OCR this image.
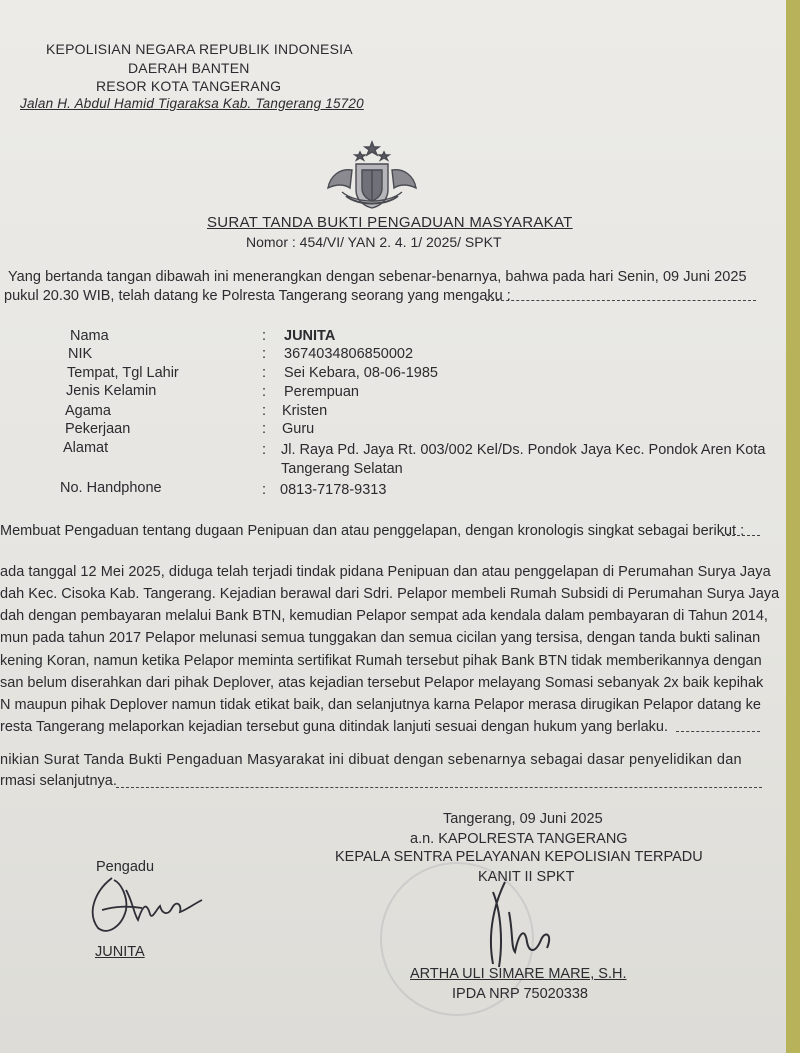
KEPOLISIAN NEGARA REPUBLIK INDONESIA
DAERAH BANTEN
RESOR KOTA TANGERANG
Jalan H. Abdul Hamid Tigaraksa Kab. Tangerang 15720
SURAT TANDA BUKTI PENGADUAN MASYARAKAT
Nomor : 454/VI/ YAN 2. 4. 1/ 2025/ SPKT
Yang bertanda tangan dibawah ini menerangkan dengan sebenar-benarnya, bahwa pada hari Senin, 09 Juni 2025
pukul 20.30 WIB, telah datang ke Polresta Tangerang seorang yang mengaku :
Nama	: JUNITA
NIK	: 3674034806850002
Tempat, Tgl Lahir	: Sei Kebara, 08-06-1985
Jenis Kelamin	: Perempuan
Agama	: Kristen
Pekerjaan	: Guru
Alamat	: Jl. Raya Pd. Jaya Rt. 003/002 Kel/Ds. Pondok Jaya Kec. Pondok Aren Kota
Tangerang Selatan
No. Handphone	: 0813-7178-9313
Membuat Pengaduan tentang dugaan Penipuan dan atau penggelapan, dengan kronologis singkat sebagai berikut :
ada tanggal 12 Mei 2025, diduga telah terjadi tindak pidana Penipuan dan atau penggelapan di Perumahan Surya Jaya
dah Kec. Cisoka Kab. Tangerang. Kejadian berawal dari Sdri. Pelapor membeli Rumah Subsidi di Perumahan Surya Jaya
dah dengan pembayaran melalui Bank BTN, kemudian Pelapor sempat ada kendala dalam pembayaran di Tahun 2014,
mun pada tahun 2017 Pelapor melunasi semua tunggakan dan semua cicilan yang tersisa, dengan tanda bukti salinan
kening Koran, namun ketika Pelapor meminta sertifikat Rumah tersebut pihak Bank BTN tidak memberikannya dengan
san belum diserahkan dari pihak Deplover, atas kejadian tersebut Pelapor melayang Somasi sebanyak 2x baik kepihak
N maupun pihak Deplover namun tidak etikat baik, dan selanjutnya karna Pelapor merasa dirugikan Pelapor datang ke
resta Tangerang melaporkan kejadian tersebut guna ditindak lanjuti sesuai dengan hukum yang berlaku.
nikian Surat Tanda Bukti Pengaduan Masyarakat ini dibuat dengan sebenarnya sebagai dasar penyelidikan dan
rmasi selanjutnya.
Tangerang, 09 Juni 2025
a.n. KAPOLRESTA TANGERANG
KEPALA SENTRA PELAYANAN KEPOLISIAN TERPADU
KANIT II SPKT
ARTHA ULI SIMARE MARE, S.H.
IPDA NRP 75020338
Pengadu
JUNITA
